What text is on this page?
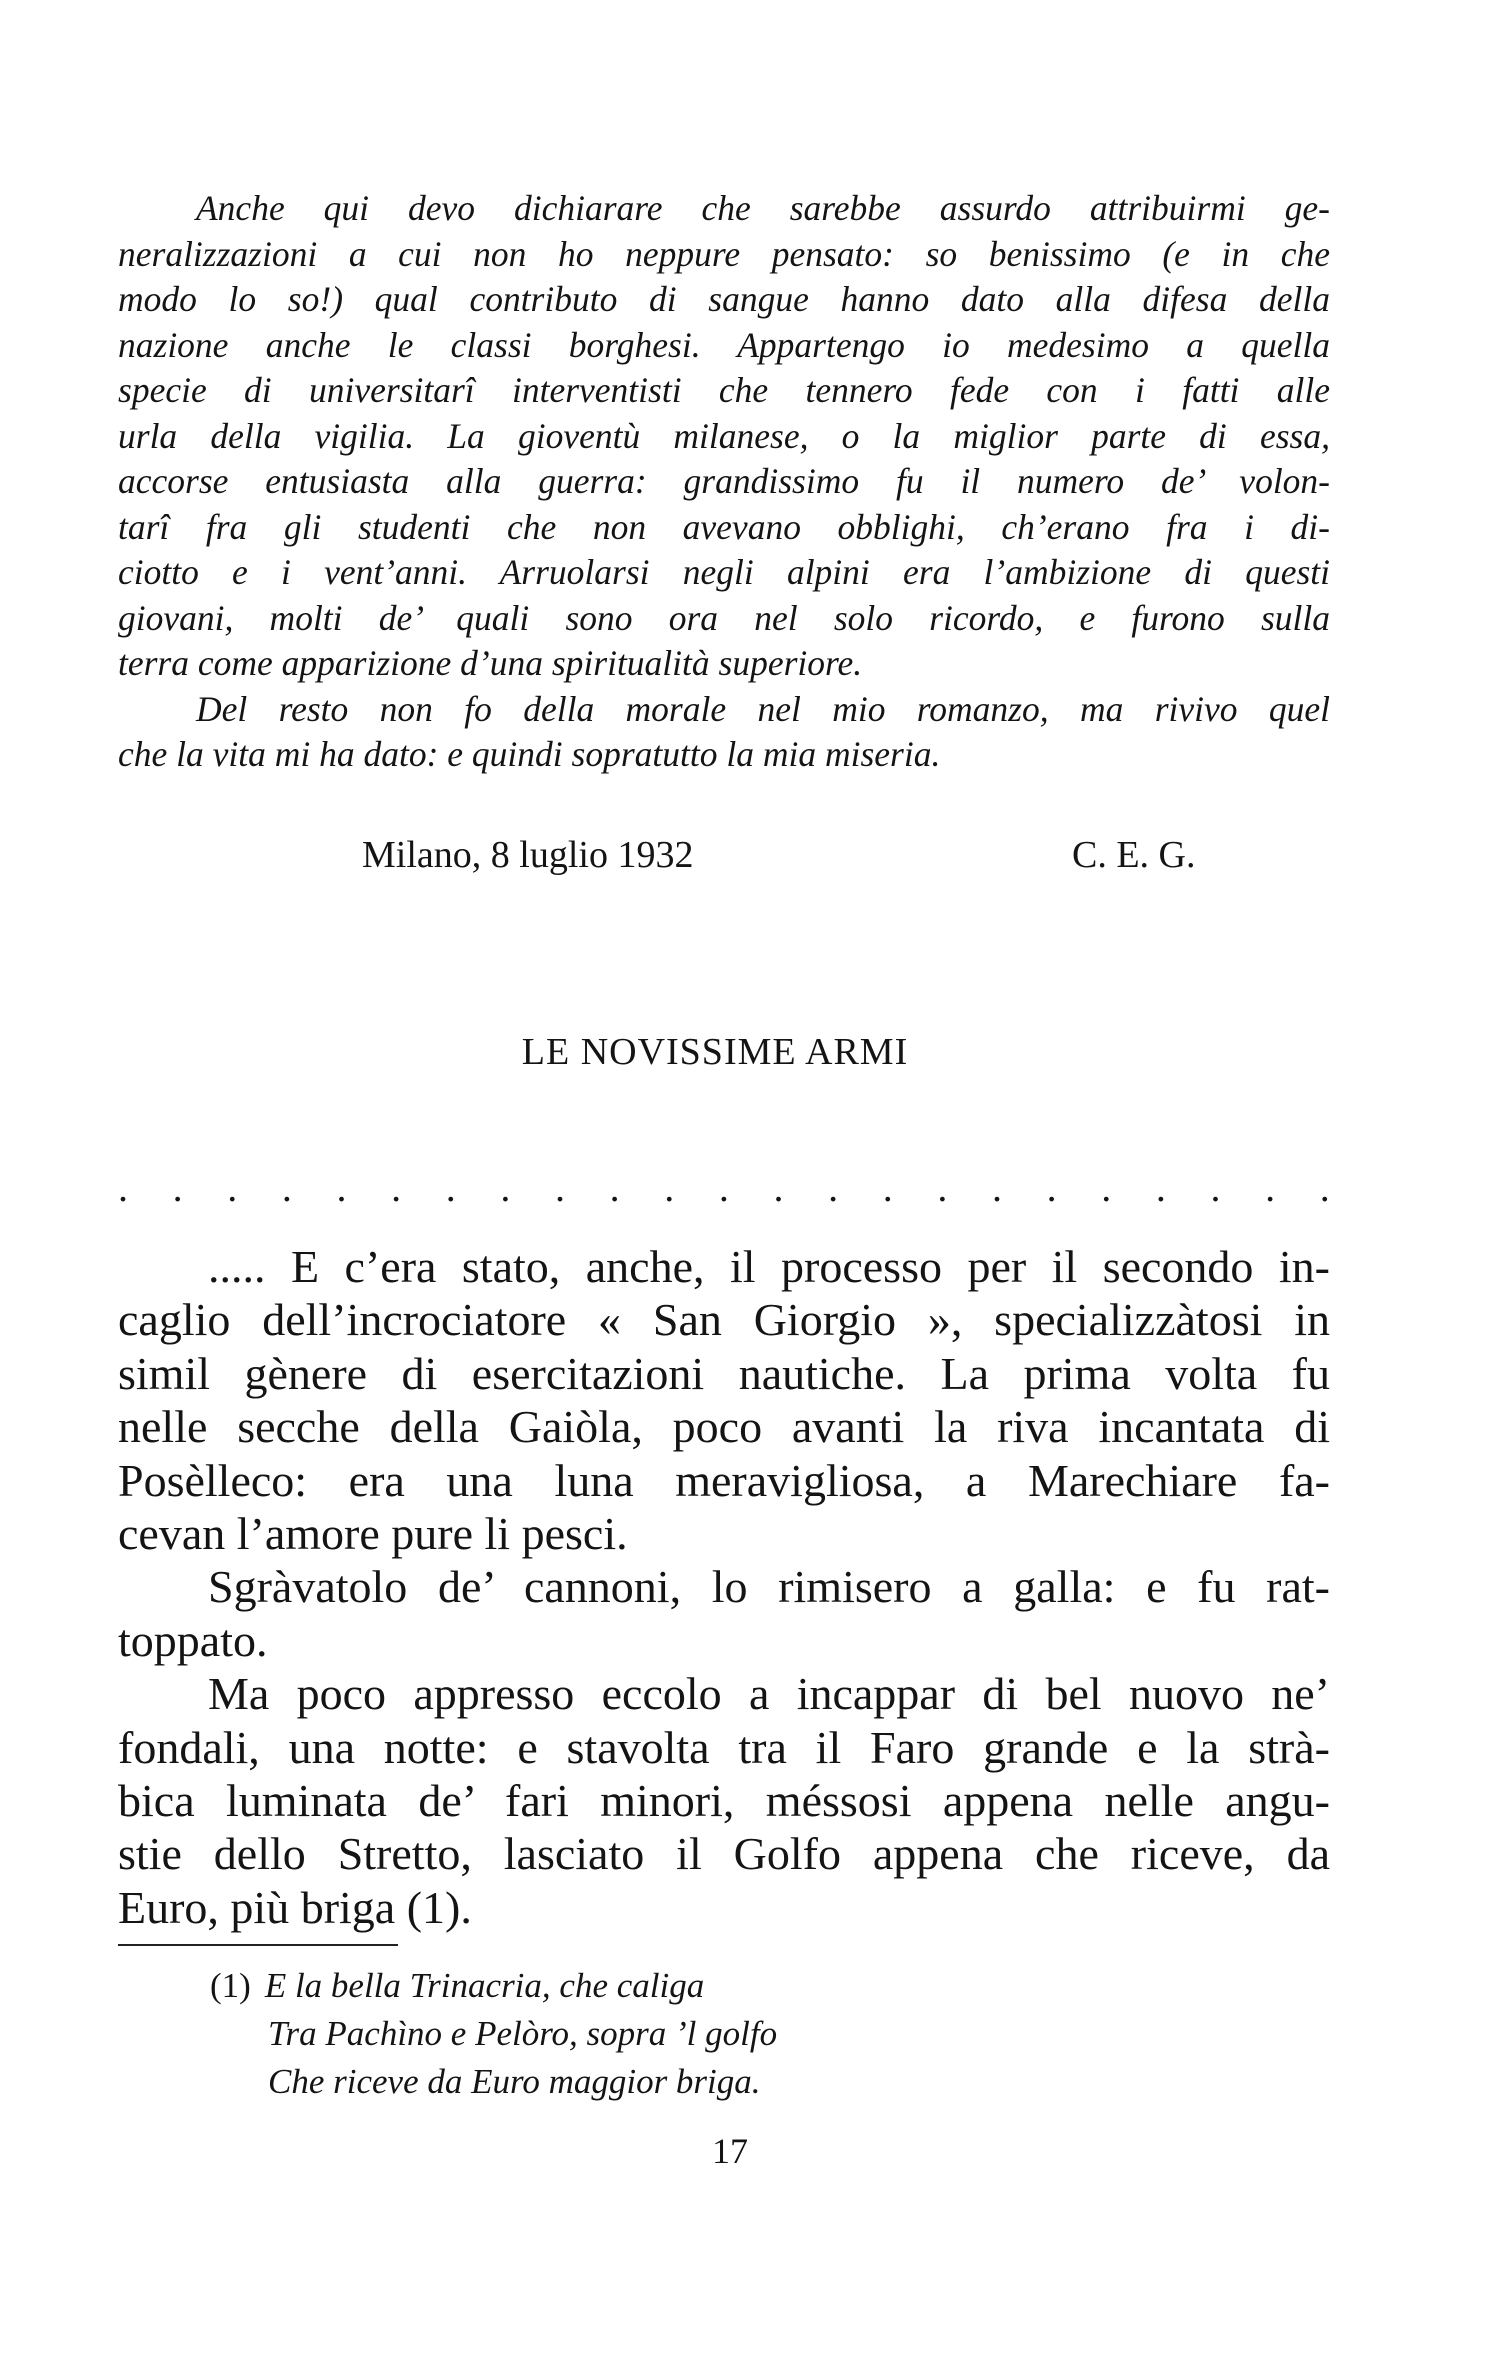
Anche qui devo dichiarare che sarebbe assurdo attribuirmi ge-
neralizzazioni a cui non ho neppure pensato: so benissimo (e in che
modo lo so!) qual contributo di sangue hanno dato alla difesa della
nazione anche le classi borghesi. Appartengo io medesimo a quella
specie di universitarî interventisti che tennero fede con i fatti alle
urla della vigilia. La gioventù milanese, o la miglior parte di essa,
accorse entusiasta alla guerra: grandissimo fu il numero de’ volon-
tarî fra gli studenti che non avevano obblighi, ch’erano fra i di-
ciotto e i vent’anni. Arruolarsi negli alpini era l’ambizione di questi
giovani, molti de’ quali sono ora nel solo ricordo, e furono sulla
terra come apparizione d’una spiritualità superiore.
Del resto non fo della morale nel mio romanzo, ma rivivo quel
che la vita mi ha dato: e quindi sopratutto la mia miseria.
Milano, 8 luglio 1932	C. E. G.
LE NOVISSIME ARMI
. . . . . . . . . . . . . . . . . . . . . . .
..... E c’era stato, anche, il processo per il secondo in-
caglio dell’incrociatore « San Giorgio », specializzàtosi in
simil gènere di esercitazioni nautiche. La prima volta fu
nelle secche della Gaiòla, poco avanti la riva incantata di
Posèlleco: era una luna meravigliosa, a Marechiare fa-
cevan l’amore pure li pesci.
Sgràvatolo de’ cannoni, lo rimisero a galla: e fu rat-
toppato.
Ma poco appresso eccolo a incappar di bel nuovo ne’
fondali, una notte: e stavolta tra il Faro grande e la strà-
bica luminata de’ fari minori, méssosi appena nelle angu-
stie dello Stretto, lasciato il Golfo appena che riceve, da
Euro, più briga (1).
(1) E la bella Trinacria, che caliga
Tra Pachìno e Pelòro, sopra ’l golfo
Che riceve da Euro maggior briga.
17
